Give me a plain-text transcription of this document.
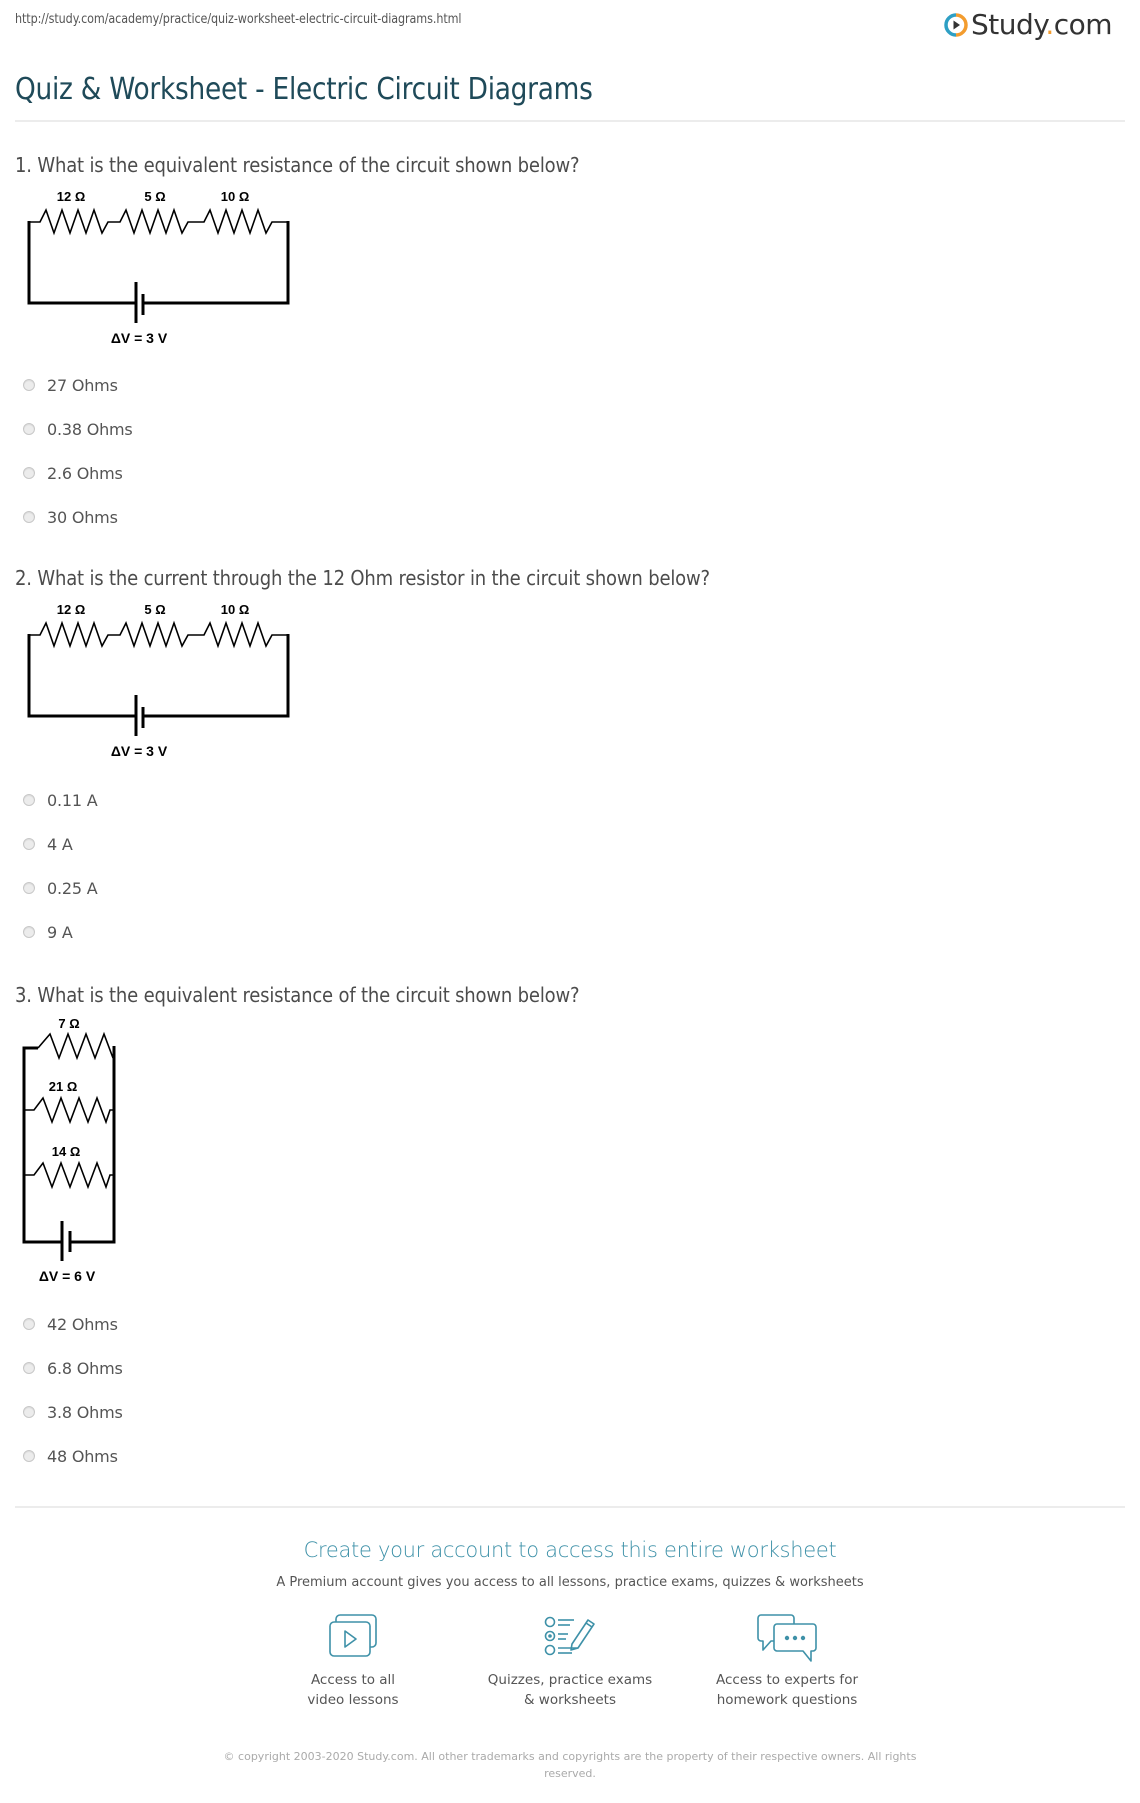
http://study.com/academy/practice/quiz-worksheet-electric-circuit-diagrams.html	Study.com
Quiz & Worksheet - Electric Circuit Diagrams
1. What is the equivalent resistance of the circuit shown below?
12 Ω	5 Ω	10 Ω
ΔV = 3 V
27 Ohms
0.38 Ohms
2.6 Ohms
30 Ohms
2. What is the current through the 12 Ohm resistor in the circuit shown below?
12 Ω	5 Ω	10 Ω
ΔV = 3 V
0.11 A
4 A
0.25 A
9 A
3. What is the equivalent resistance of the circuit shown below?
7 Ω
21 Ω
14 Ω
ΔV = 6 V
42 Ohms
6.8 Ohms
3.8 Ohms
48 Ohms
Create your account to access this entire worksheet
A Premium account gives you access to all lessons, practice exams, quizzes & worksheets
Access to all
video lessons
Quizzes, practice exams
& worksheets
Access to experts for
homework questions
© copyright 2003-2020 Study.com. All other trademarks and copyrights are the property of their respective owners. All rights
reserved.
